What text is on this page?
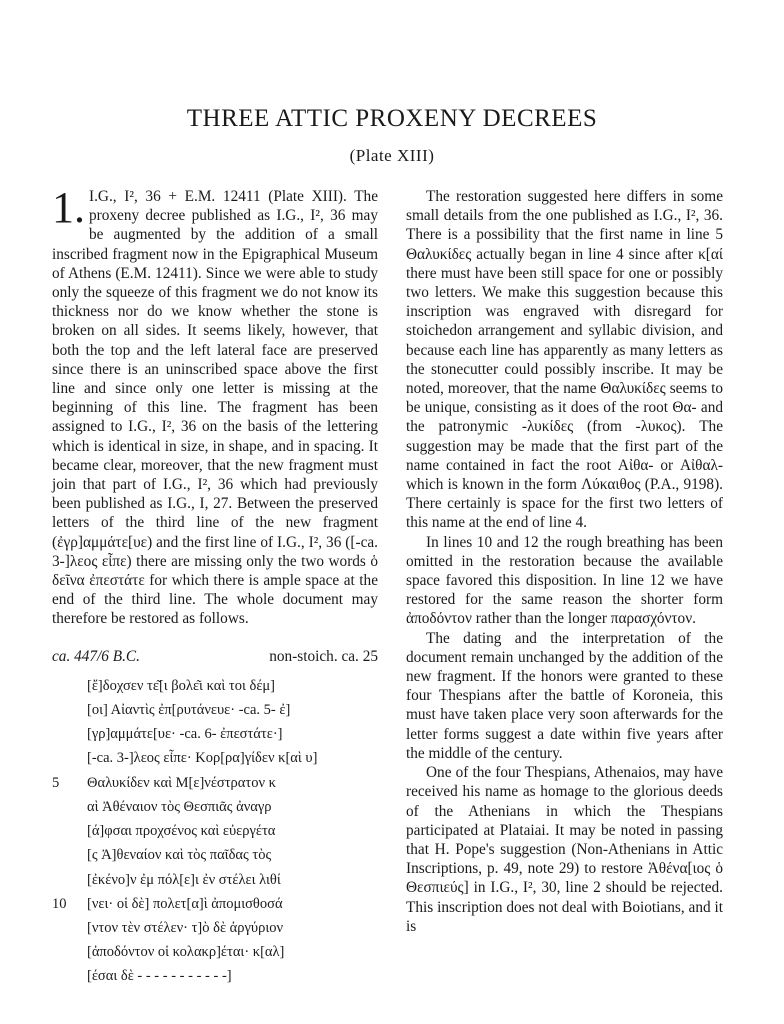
THREE ATTIC PROXENY DECREES
(Plate XIII)

1. I.G., I², 36 + E.M. 12411 (Plate XIII). The proxeny decree published as I.G., I², 36 may be augmented by the addition of a small inscribed fragment now in the Epigraphical Museum of Athens (E.M. 12411). Since we were able to study only the squeeze of this fragment we do not know its thickness nor do we know whether the stone is broken on all sides. It seems likely, however, that both the top and the left lateral face are preserved since there is an uninscribed space above the first line and since only one letter is missing at the beginning of this line. The fragment has been assigned to I.G., I², 36 on the basis of the lettering which is identical in size, in shape, and in spacing. It became clear, moreover, that the new fragment must join that part of I.G., I², 36 which had previously been published as I.G., I, 27. Between the preserved letters of the third line of the new fragment (ἐγρ]αμμάτε[υε) and the first line of I.G., I², 36 ([-ca. 3-]λεος εἶπε) there are missing only the two words ὁ δεῖνα ἐπεστάτε for which there is ample space at the end of the third line. The whole document may therefore be restored as follows.

ca. 447/6 B.C.	non-stoich. ca. 25
[ἔ]δοχσεν τε͂[ι βολε͂ι καὶ τοι δέμ]
[οι] Αἰαντὶς ἐπ[ρυτάνευε· -ca. 5- ἐ]
[γρ]αμμάτε[υε· -ca. 6- ἐπεστάτε·]
[-ca. 3-]λεος εἶπε· Κορ[ρα]γίδεν κ[αὶ υ]
5	Θαλυκίδεν καὶ Μ[ε]νέστρατον κ
αὶ Ἀθέναιον τὸς Θεσπιᾶς ἀναγρ
[ά]φσαι προχσένος καὶ εὐεργέτα
[ς Ἀ]θεναίον καὶ τὸς παῖδας τὸς
[ἐκένο]ν ἐμ πόλ[ε]ι ἐν στέλει λιθί
10	[νει· οἱ δὲ] πολετ[α]ὶ ἀπομισθοσά
[ντον τὲν στέλεν· τ]ὸ δὲ ἀργύριον
[ἀποδόντον οἱ κολακρ]έται· κ[αλ]
[έσαι δὲ - - - - - - - - - - -]

The restoration suggested here differs in some small details from the one published as I.G., I², 36. There is a possibility that the first name in line 5 Θαλυκίδες actually began in line 4 since after κ[αί there must have been still space for one or possibly two letters. We make this suggestion because this inscription was engraved with disregard for stoichedon arrangement and syllabic division, and because each line has apparently as many letters as the stonecutter could possibly inscribe. It may be noted, moreover, that the name Θαλυκίδες seems to be unique, consisting as it does of the root Θα- and the patronymic -λυκίδες (from -λυκος). The suggestion may be made that the first part of the name contained in fact the root Αἰθα- or Αἰθαλ- which is known in the form Λύκαιθος (P.A., 9198). There certainly is space for the first two letters of this name at the end of line 4.

In lines 10 and 12 the rough breathing has been omitted in the restoration because the available space favored this disposition. In line 12 we have restored for the same reason the shorter form ἀποδόντον rather than the longer παρασχόντον.

The dating and the interpretation of the document remain unchanged by the addition of the new fragment. If the honors were granted to these four Thespians after the battle of Koroneia, this must have taken place very soon afterwards for the letter forms suggest a date within five years after the middle of the century.

One of the four Thespians, Athenaios, may have received his name as homage to the glorious deeds of the Athenians in which the Thespians participated at Plataiai. It may be noted in passing that H. Pope's suggestion (Non-Athenians in Attic Inscriptions, p. 49, note 29) to restore Ἀθένα[ιος ὁ Θεσπιεύς] in I.G., I², 30, line 2 should be rejected. This inscription does not deal with Boiotians, and it is
